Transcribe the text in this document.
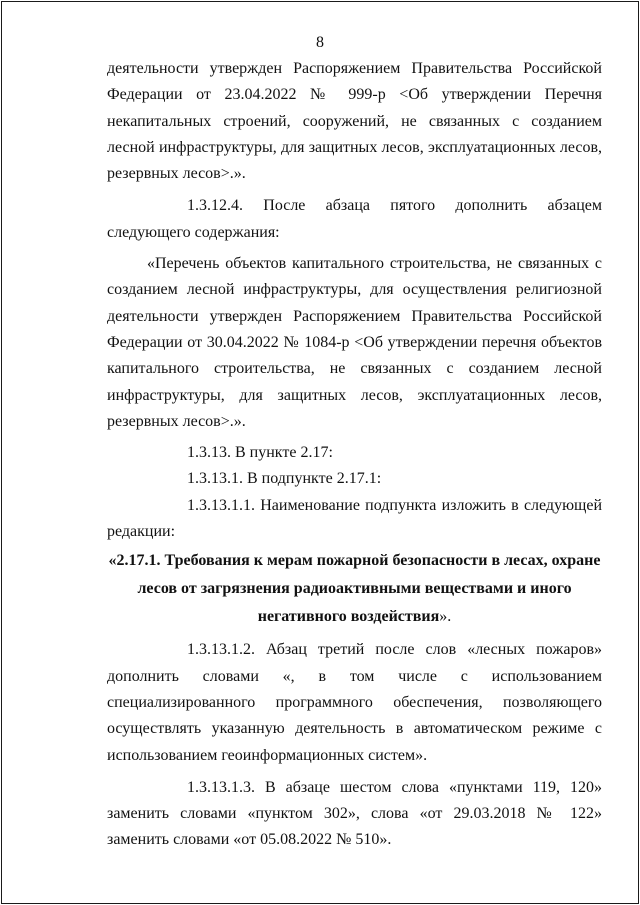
8

деятельности утвержден Распоряжением Правительства Российской Федерации от 23.04.2022 № 999-р <Об утверждении Перечня некапитальных строений, сооружений, не связанных с созданием лесной инфраструктуры, для защитных лесов, эксплуатационных лесов, резервных лесов>.».

1.3.12.4. После абзаца пятого дополнить абзацем следующего содержания:

«Перечень объектов капитального строительства, не связанных с созданием лесной инфраструктуры, для осуществления религиозной деятельности утвержден Распоряжением Правительства Российской Федерации от 30.04.2022 № 1084-р <Об утверждении перечня объектов капитального строительства, не связанных с созданием лесной инфраструктуры, для защитных лесов, эксплуатационных лесов, резервных лесов>.».

1.3.13. В пункте 2.17:

1.3.13.1. В подпункте 2.17.1:

1.3.13.1.1. Наименование подпункта изложить в следующей редакции:

«2.17.1. Требования к мерам пожарной безопасности в лесах, охране лесов от загрязнения радиоактивными веществами и иного негативного воздействия».

1.3.13.1.2. Абзац третий после слов «лесных пожаров» дополнить словами «, в том числе с использованием специализированного программного обеспечения, позволяющего осуществлять указанную деятельность в автоматическом режиме с использованием геоинформационных систем».

1.3.13.1.3. В абзаце шестом слова «пунктами 119, 120» заменить словами «пунктом 302», слова «от 29.03.2018 № 122» заменить словами «от 05.08.2022 № 510».
